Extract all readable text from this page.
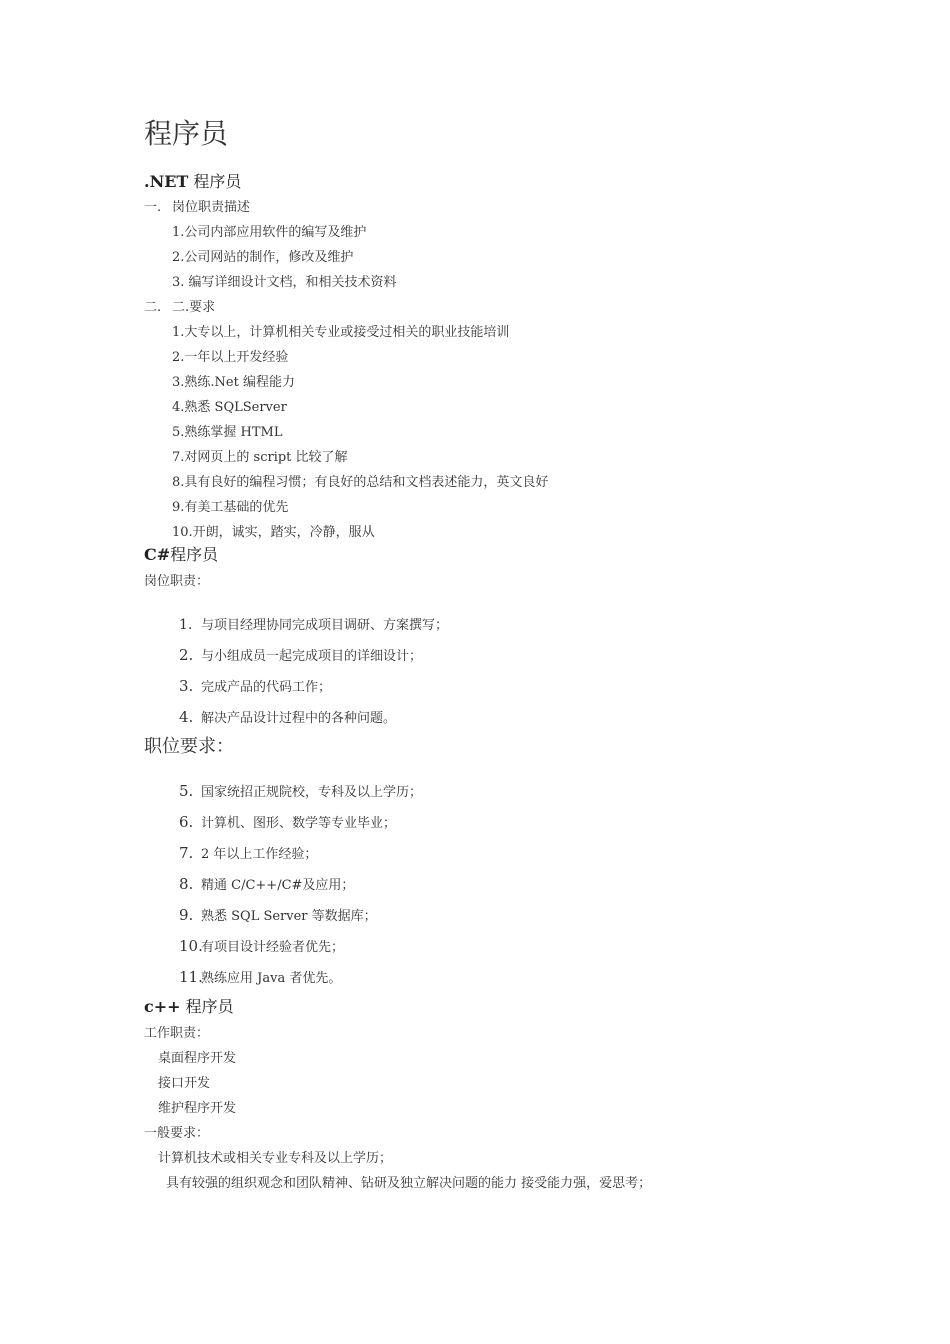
程序员
.NET 程序员
一. 岗位职责描述
1.公司内部应用软件的编写及维护
2.公司网站的制作，修改及维护
3. 编写详细设计文档，和相关技术资料
二. 二.要求
1.大专以上，计算机相关专业或接受过相关的职业技能培训
2.一年以上开发经验
3.熟练.Net 编程能力
4.熟悉 SQLServer
5.熟练掌握 HTML
7.对网页上的 script 比较了解
8.具有良好的编程习惯；有良好的总结和文档表述能力，英文良好
9.有美工基础的优先
10.开朗，诚实，踏实，冷静，服从
C#程序员
岗位职责：
1. 与项目经理协同完成项目调研、方案撰写；
2. 与小组成员一起完成项目的详细设计；
3. 完成产品的代码工作；
4. 解决产品设计过程中的各种问题。
职位要求：
5. 国家统招正规院校，专科及以上学历；
6. 计算机、图形、数学等专业毕业；
7. 2 年以上工作经验；
8. 精通 C/C++/C#及应用；
9. 熟悉 SQL Server 等数据库；
10.有项目设计经验者优先；
11.熟练应用 Java 者优先。
c++ 程序员
工作职责：
桌面程序开发
接口开发
维护程序开发
一般要求：
计算机技术或相关专业专科及以上学历；
具有较强的组织观念和团队精神、钻研及独立解决问题的能力 接受能力强，爱思考；
